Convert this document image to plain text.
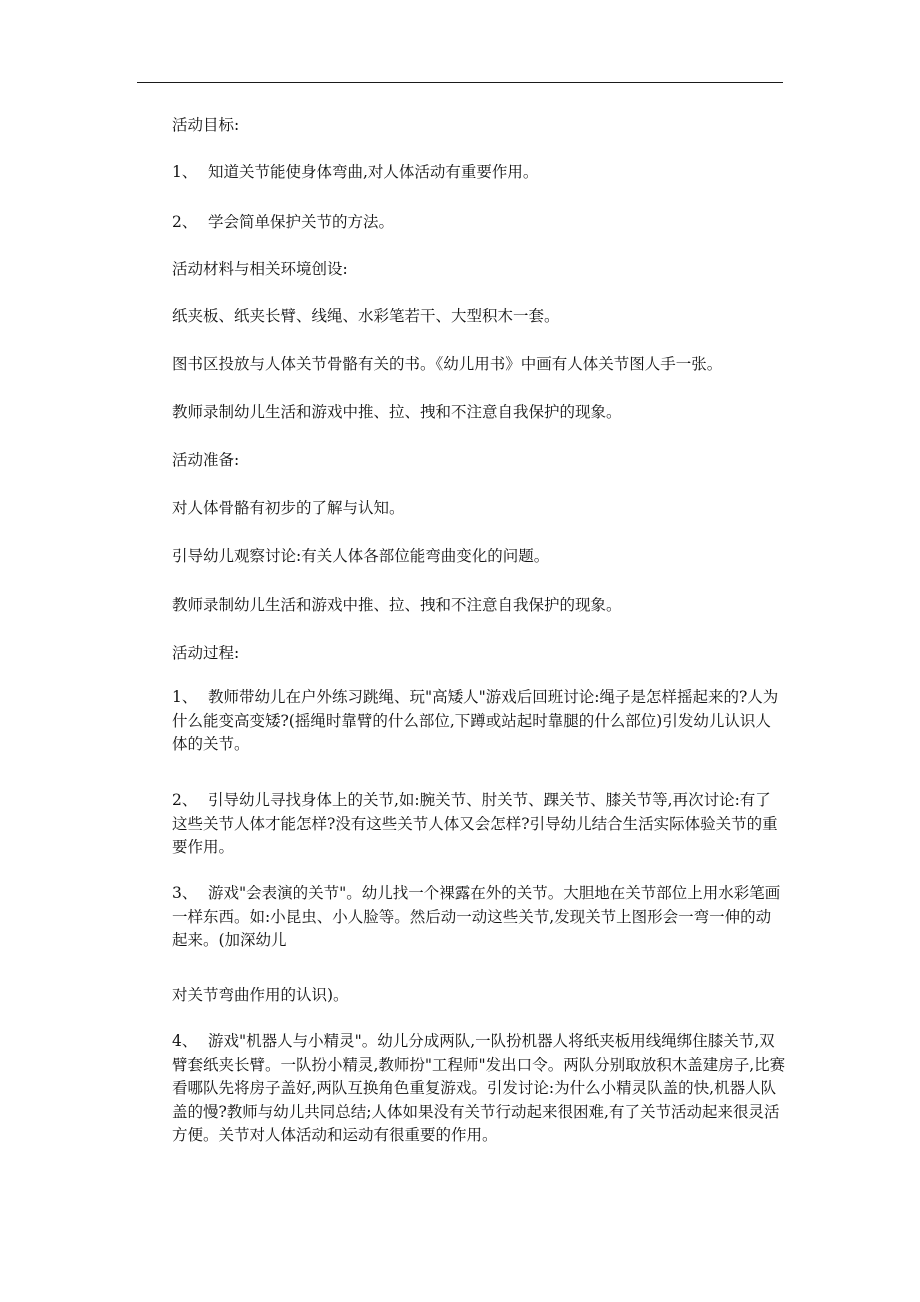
活动目标:

1、 知道关节能使身体弯曲,对人体活动有重要作用。

2、 学会简单保护关节的方法。

活动材料与相关环境创设:

纸夹板、纸夹长臂、线绳、水彩笔若干、大型积木一套。

图书区投放与人体关节骨骼有关的书。《幼儿用书》中画有人体关节图人手一张。

教师录制幼儿生活和游戏中推、拉、拽和不注意自我保护的现象。

活动准备:

对人体骨骼有初步的了解与认知。

引导幼儿观察讨论:有关人体各部位能弯曲变化的问题。

教师录制幼儿生活和游戏中推、拉、拽和不注意自我保护的现象。

活动过程:

1、 教师带幼儿在户外练习跳绳、玩"高矮人"游戏后回班讨论:绳子是怎样摇起来的?人为什么能变高变矮?(摇绳时靠臂的什么部位,下蹲或站起时靠腿的什么部位)引发幼儿认识人体的关节。

2、 引导幼儿寻找身体上的关节,如:腕关节、肘关节、踝关节、膝关节等,再次讨论:有了这些关节人体才能怎样?没有这些关节人体又会怎样?引导幼儿结合生活实际体验关节的重要作用。

3、 游戏"会表演的关节"。幼儿找一个裸露在外的关节。大胆地在关节部位上用水彩笔画一样东西。如:小昆虫、小人脸等。然后动一动这些关节,发现关节上图形会一弯一伸的动起来。(加深幼儿

对关节弯曲作用的认识)。

4、 游戏"机器人与小精灵"。幼儿分成两队,一队扮机器人将纸夹板用线绳绑住膝关节,双臂套纸夹长臂。一队扮小精灵,教师扮"工程师"发出口令。两队分别取放积木盖建房子,比赛看哪队先将房子盖好,两队互换角色重复游戏。引发讨论:为什么小精灵队盖的快,机器人队盖的慢?教师与幼儿共同总结;人体如果没有关节行动起来很困难,有了关节活动起来很灵活方便。关节对人体活动和运动有很重要的作用。
